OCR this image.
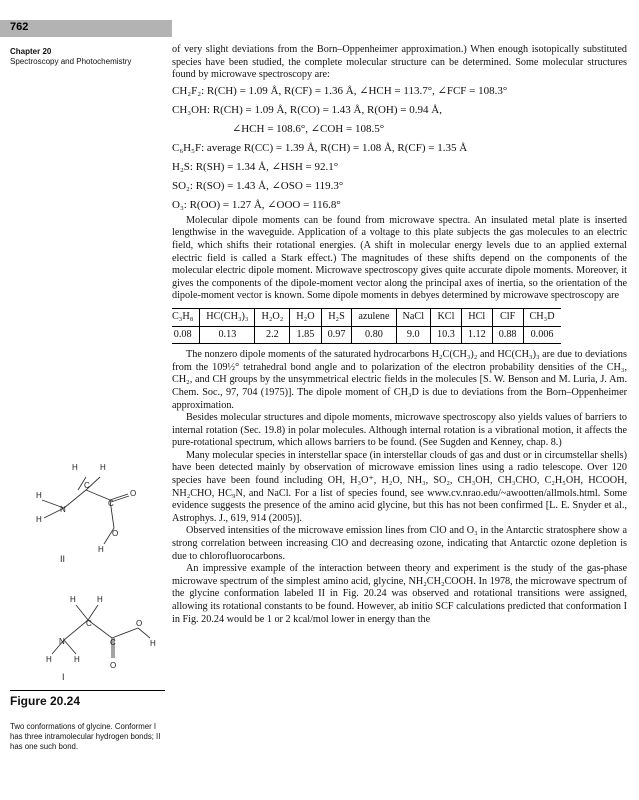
762
Chapter 20
Spectroscopy and Photochemistry

of very slight deviations from the Born–Oppenheimer approximation.) When enough isotopically substituted species have been studied, the complete molecular structure can be determined. Some molecular structures found by microwave spectroscopy are:

CH₂F₂: R(CH) = 1.09 Å, R(CF) = 1.36 Å, ∠HCH = 113.7°, ∠FCF = 108.3°
CH₃OH: R(CH) = 1.09 Å, R(CO) = 1.43 Å, R(OH) = 0.94 Å,
∠HCH = 108.6°, ∠COH = 108.5°
C₆H₅F: average R(CC) = 1.39 Å, R(CH) = 1.08 Å, R(CF) = 1.35 Å
H₂S: R(SH) = 1.34 Å, ∠HSH = 92.1°
SO₂: R(SO) = 1.43 Å, ∠OSO = 119.3°
O₃: R(OO) = 1.27 Å, ∠OOO = 116.8°

Molecular dipole moments can be found from microwave spectra. An insulated metal plate is inserted lengthwise in the waveguide. Application of a voltage to this plate subjects the gas molecules to an electric field, which shifts their rotational energies. (A shift in molecular energy levels due to an applied external electric field is called a Stark effect.) The magnitudes of these shifts depend on the components of the molecular electric dipole moment. Microwave spectroscopy gives quite accurate dipole moments. Moreover, it gives the components of the dipole-moment vector along the principal axes of inertia, so the orientation of the dipole-moment vector is known. Some dipole moments in debyes determined by microwave spectroscopy are

C₃H₈	HC(CH₃)₃	H₂O₂	H₂O	H₂S	azulene	NaCl	KCl	HCl	ClF	CH₃D
0.08	0.13	2.2	1.85	0.97	0.80	9.0	10.3	1.12	0.88	0.006

The nonzero dipole moments of the saturated hydrocarbons H₂C(CH₃)₂ and HC(CH₃)₃ are due to deviations from the 109½° tetrahedral bond angle and to polarization of the electron probability densities of the CH₃, CH₂, and CH groups by the unsymmetrical electric fields in the molecules [S. W. Benson and M. Luria, J. Am. Chem. Soc., 97, 704 (1975)]. The dipole moment of CH₃D is due to deviations from the Born–Oppenheimer approximation.

Besides molecular structures and dipole moments, microwave spectroscopy also yields values of barriers to internal rotation (Sec. 19.8) in polar molecules. Although internal rotation is a vibrational motion, it affects the pure-rotational spectrum, which allows barriers to be found. (See Sugden and Kenney, chap. 8.)

Many molecular species in interstellar space (in interstellar clouds of gas and dust or in circumstellar shells) have been detected mainly by observation of microwave emission lines using a radio telescope. Over 120 species have been found including OH, H₃O⁺, H₂O, NH₃, SO₂, CH₃OH, CH₃CHO, C₂H₅OH, HCOOH, NH₂CHO, HC₉N, and NaCl. For a list of species found, see www.cv.nrao.edu/~awootten/allmols.html. Some evidence suggests the presence of the amino acid glycine, but this has not been confirmed [L. E. Snyder et al., Astrophys. J., 619, 914 (2005)].

Observed intensities of the microwave emission lines from ClO and O₃ in the Antarctic stratosphere show a strong correlation between increasing ClO and decreasing ozone, indicating that Antarctic ozone depletion is due to chlorofluorocarbons.

An impressive example of the interaction between theory and experiment is the study of the gas-phase microwave spectrum of the simplest amino acid, glycine, NH₂CH₂COOH. In 1978, the microwave spectrum of the glycine conformation labeled II in Fig. 20.24 was observed and rotational transitions were assigned, allowing its rotational constants to be found. However, ab initio SCF calculations predicted that conformation I in Fig. 20.24 would be 1 or 2 kcal/mol lower in energy than the

H	H
H
N
H
C
C
O
O
H
II
H	H
N
C
C
O
O
H
H	H
I
Figure 20.24
Two conformations of glycine. Conformer I has three intramolecular hydrogen bonds; II has one such bond.
